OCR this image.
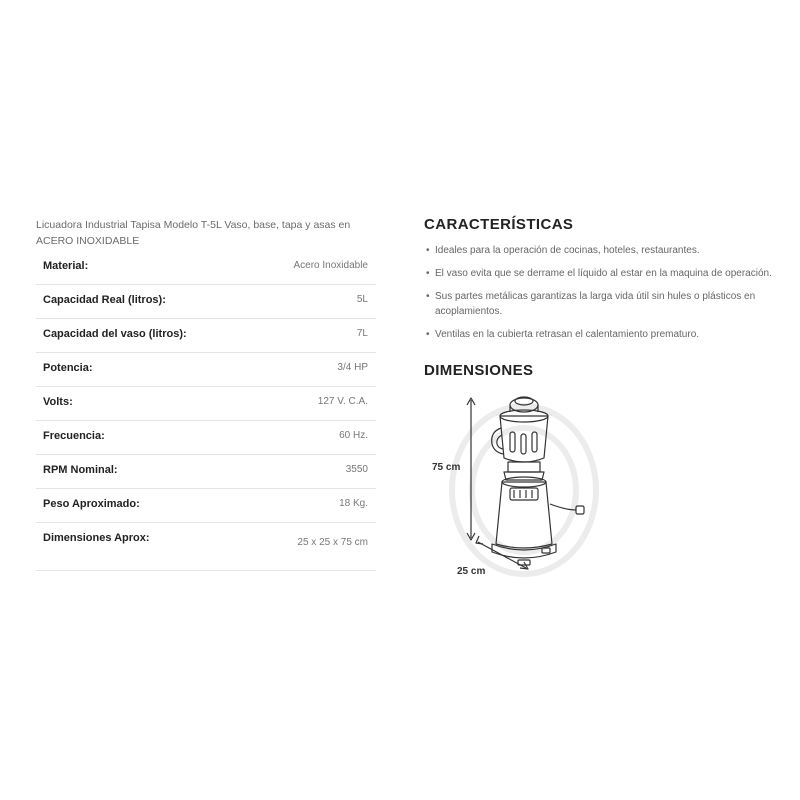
Licuadora Industrial Tapisa Modelo T-5L Vaso, base, tapa y asas en ACERO INOXIDABLE

Material:	Acero Inoxidable
Capacidad Real (litros):	5L
Capacidad del vaso (litros):	7L
Potencia:	3/4 HP
Volts:	127 V. C.A.
Frecuencia:	60 Hz.
RPM Nominal:	3550
Peso Aproximado:	18 Kg.
Dimensiones Aprox:	25 x 25 x 75 cm
CARACTERÍSTICAS
• Ideales para la operación de cocinas, hoteles, restaurantes.
• El vaso evita que se derrame el líquido al estar en la maquina de operación.
• Sus partes metálicas garantizas la larga vida útil sin hules o plásticos en acoplamientos.
• Ventilas en la cubierta retrasan el calentamiento prematuro.
DIMENSIONES
75 cm
25 cm
